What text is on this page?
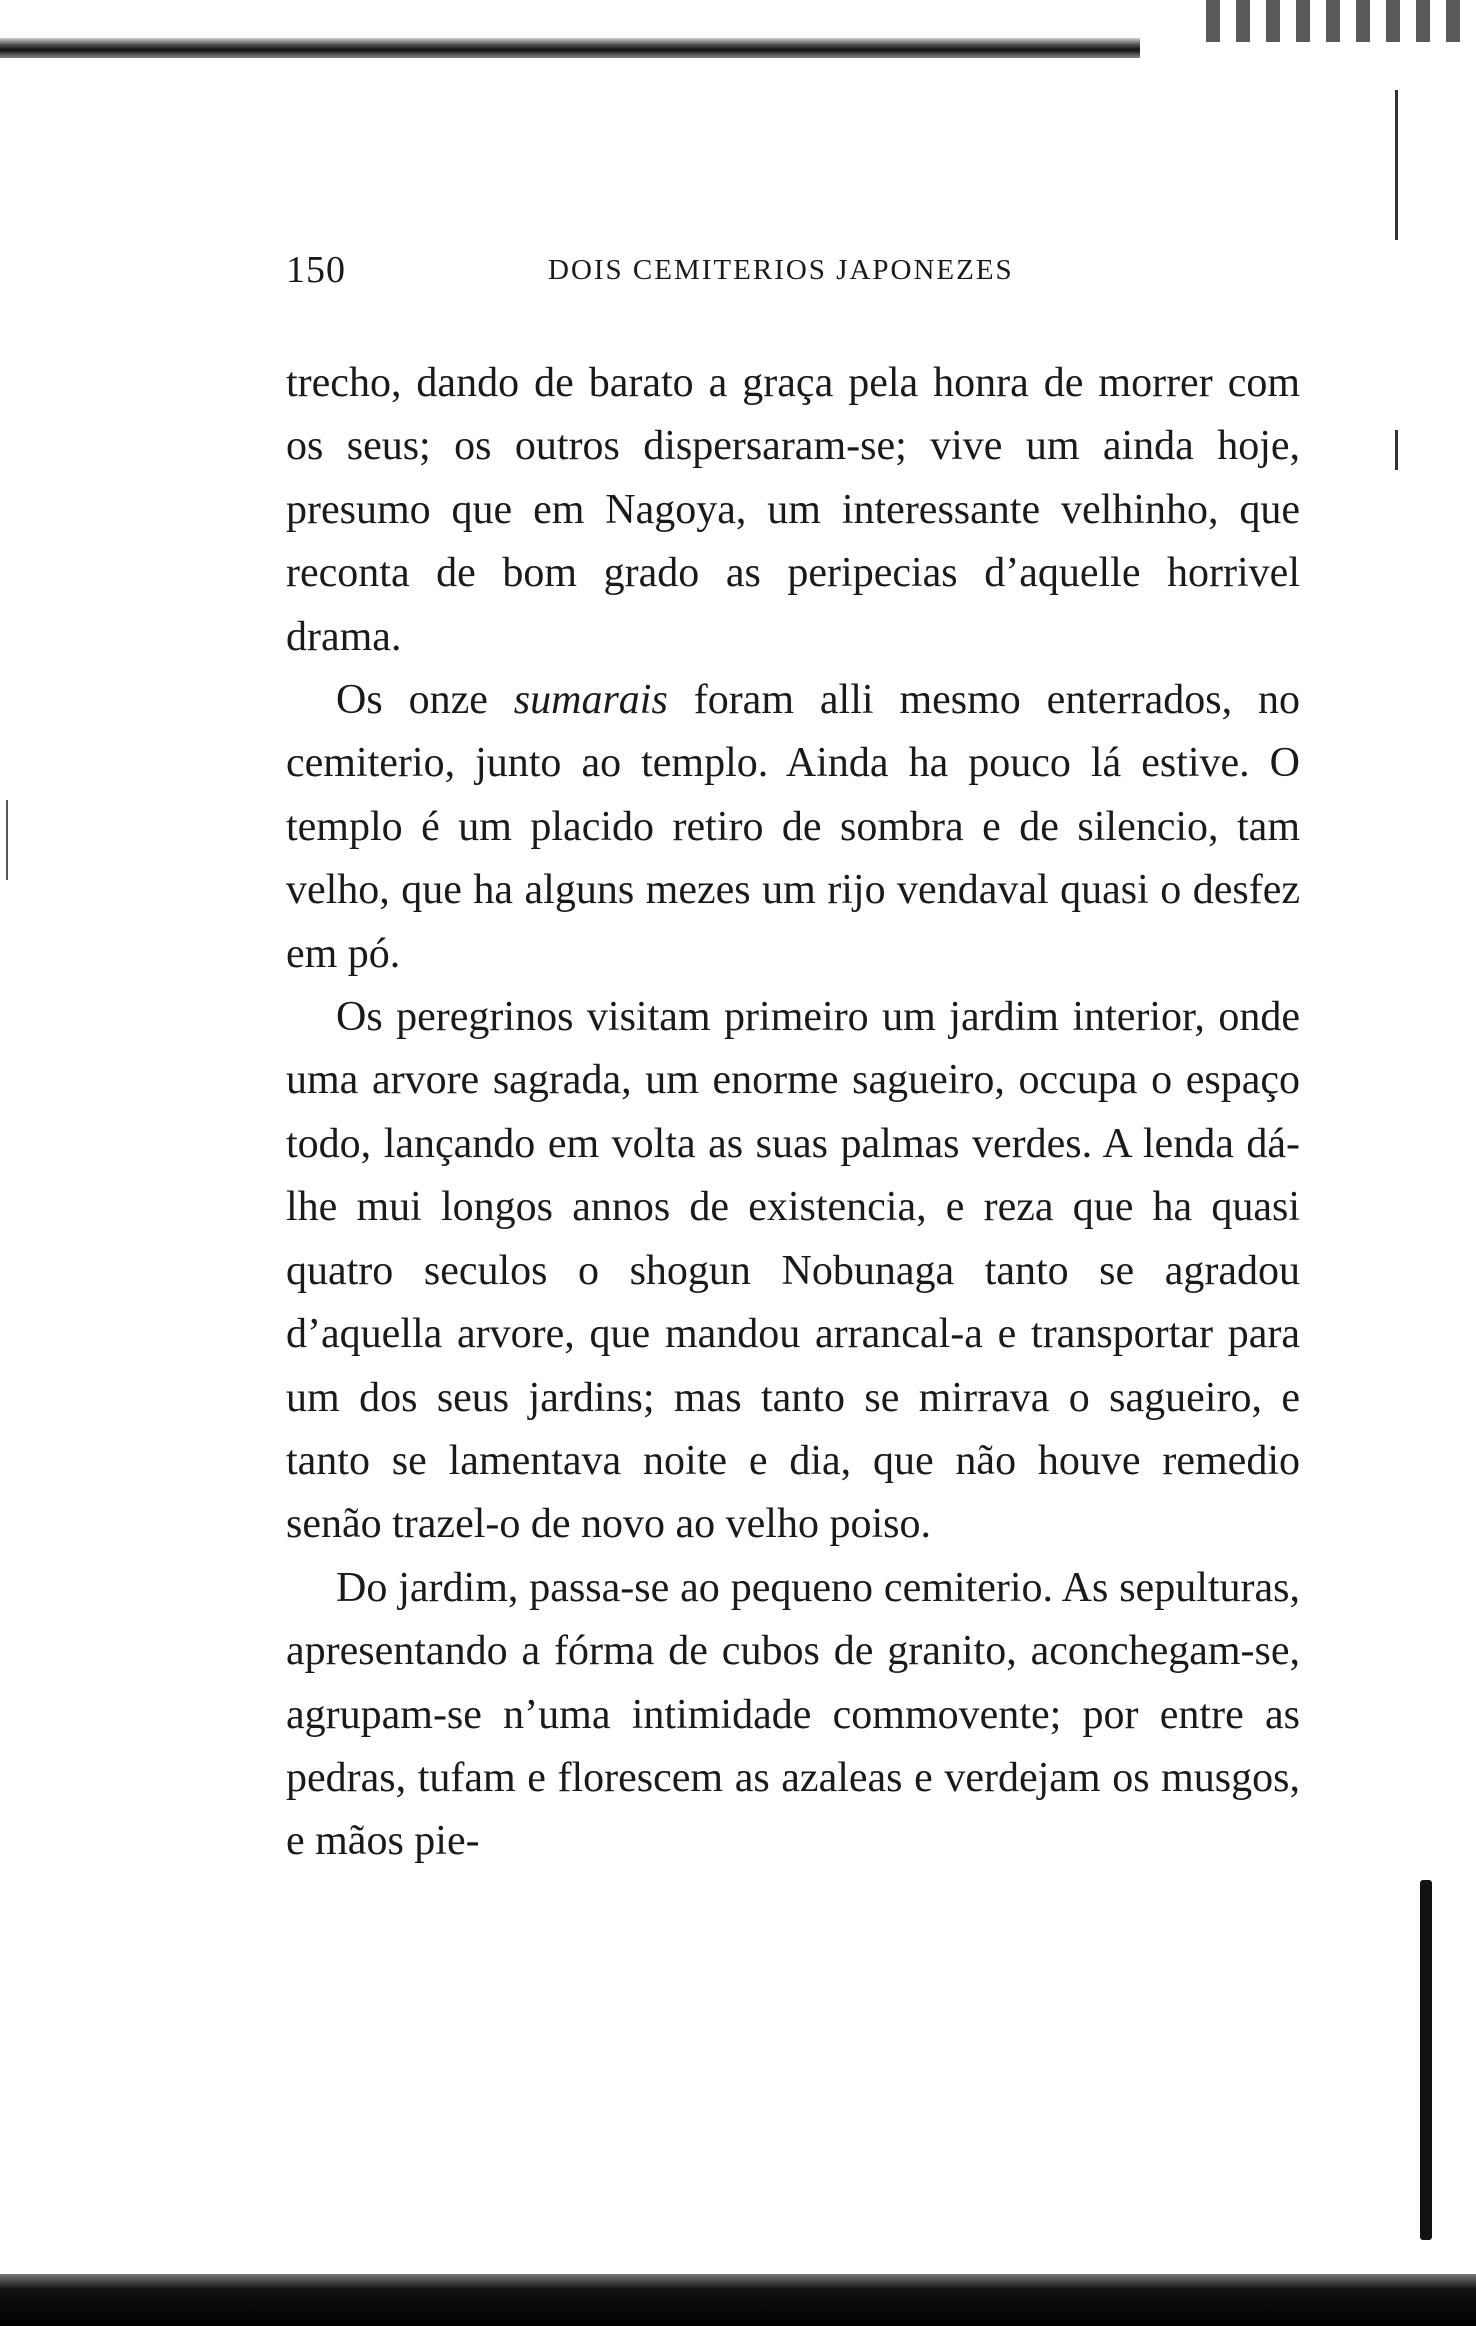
150	DOIS CEMITERIOS JAPONEZES

trecho, dando de barato a graça pela honra de morrer com os seus; os outros dispersaram-se; vive um ainda hoje, presumo que em Nagoya, um interessante velhinho, que reconta de bom grado as peripecias d’aquelle horrivel drama.

Os onze sumarais foram alli mesmo enterrados, no cemiterio, junto ao templo. Ainda ha pouco lá estive. O templo é um placido retiro de sombra e de silencio, tam velho, que ha alguns mezes um rijo vendaval quasi o desfez em pó.

Os peregrinos visitam primeiro um jardim interior, onde uma arvore sagrada, um enorme sagueiro, occupa o espaço todo, lançando em volta as suas palmas verdes. A lenda dá-lhe mui longos annos de existencia, e reza que ha quasi quatro seculos o shogun Nobunaga tanto se agradou d’aquella arvore, que mandou arrancal-a e transportar para um dos seus jardins; mas tanto se mirrava o sagueiro, e tanto se lamentava noite e dia, que não houve remedio senão trazel-o de novo ao velho poiso.

Do jardim, passa-se ao pequeno cemiterio. As sepulturas, apresentando a fórma de cubos de granito, aconchegam-se, agrupam-se n’uma intimidade commovente; por entre as pedras, tufam e florescem as azaleas e verdejam os musgos, e mãos pie-
